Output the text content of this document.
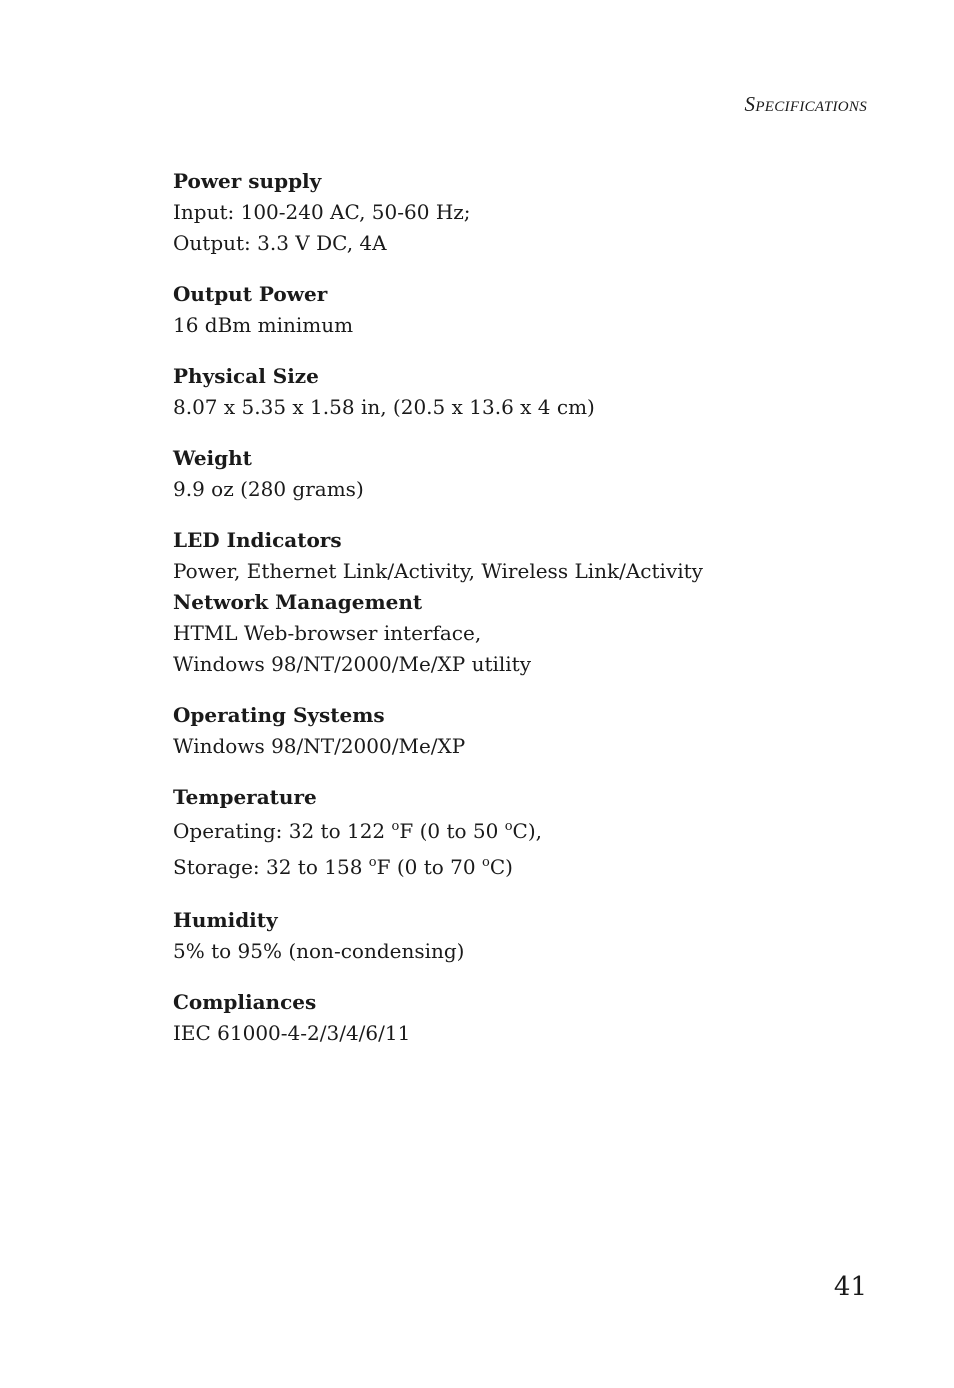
Specifications
Power supply
Input: 100-240 AC, 50-60 Hz;
Output: 3.3 V DC, 4A
Output Power
16 dBm minimum
Physical Size
8.07 x 5.35 x 1.58 in, (20.5 x 13.6 x 4 cm)
Weight
9.9 oz (280 grams)
LED Indicators
Power, Ethernet Link/Activity, Wireless Link/Activity
Network Management
HTML Web-browser interface,
Windows 98/NT/2000/Me/XP utility
Operating Systems
Windows 98/NT/2000/Me/XP
Temperature
Operating: 32 to 122 $^o$F (0 to 50 $^o$C),
Storage: 32 to 158 $^o$F (0 to 70 $^o$C)
Humidity
5% to 95% (non-condensing)
Compliances
IEC 61000-4-2/3/4/6/11
41
